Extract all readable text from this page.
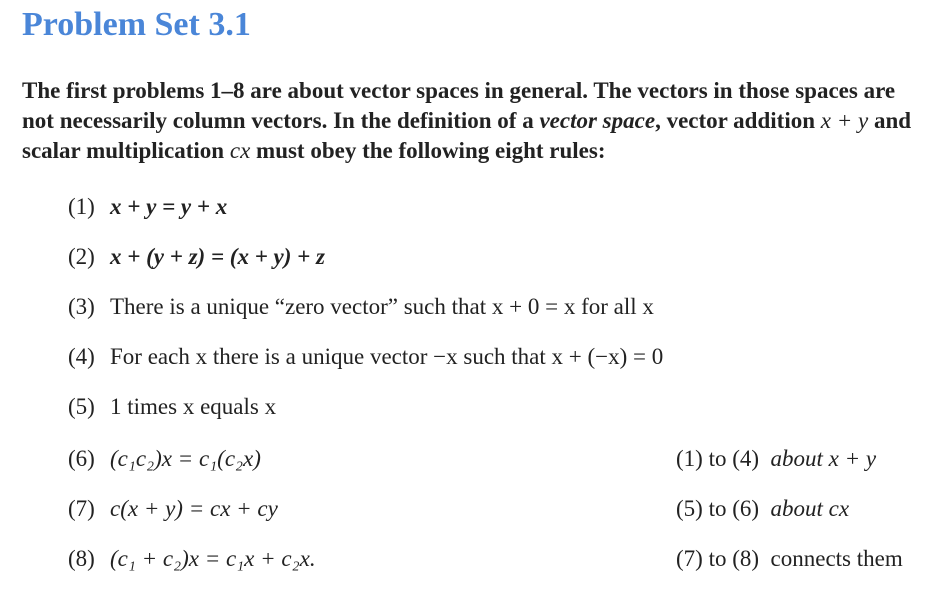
Problem Set 3.1
The first problems 1–8 are about vector spaces in general. The vectors in those spaces are not necessarily column vectors. In the definition of a vector space, vector addition x + y and scalar multiplication cx must obey the following eight rules:
(1) x + y = y + x
(2) x + (y + z) = (x + y) + z
(3) There is a unique “zero vector” such that x + 0 = x for all x
(4) For each x there is a unique vector −x such that x + (−x) = 0
(5) 1 times x equals x
(6) (c₁c₂)x = c₁(c₂x)
(7) c(x + y) = cx + cy
(8) (c₁ + c₂)x = c₁x + c₂x.
(1) to (4) about x + y
(5) to (6) about cx
(7) to (8) connects them
